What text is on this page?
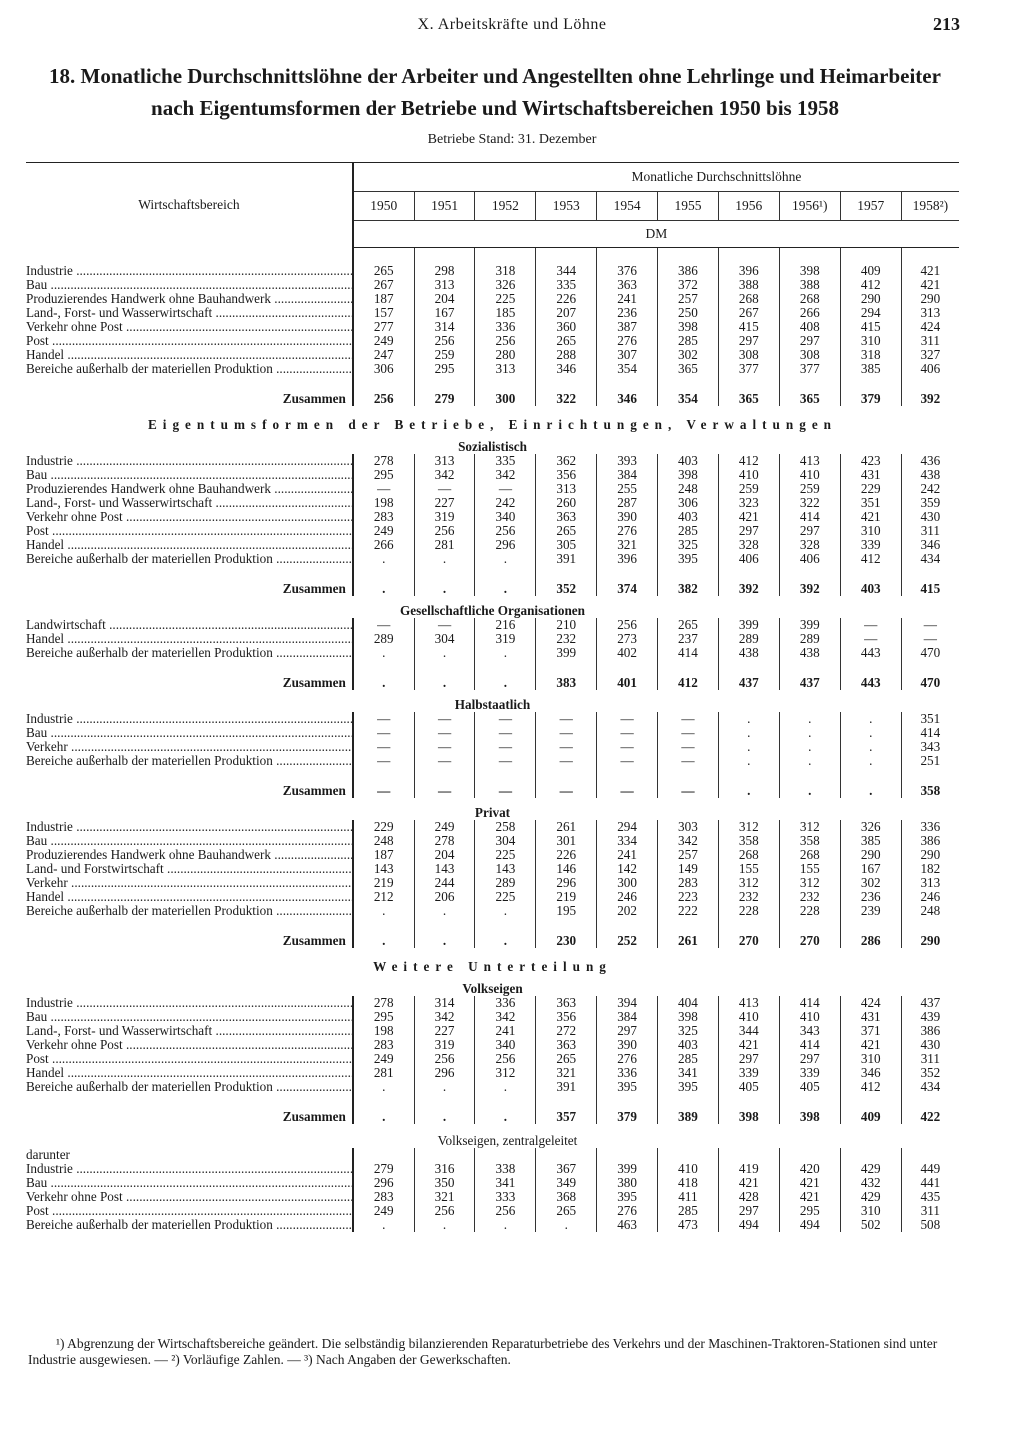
X. Arbeitskräfte und Löhne	213
18. Monatliche Durchschnittslöhne der Arbeiter und Angestellten ohne Lehrlinge und Heimarbeiter nach Eigentumsformen der Betriebe und Wirtschaftsbereichen 1950 bis 1958
Betriebe Stand: 31. Dezember
Wirtschaftsbereich	Monatliche Durchschnittslöhne									
	1950	1951	1952	1953	1954	1955	1956	1956¹)	1957	1958²)
	DM									

Industrie .....	265	298	318	344	376	386	396	398	409	421
Bau .....	267	313	326	335	363	372	388	388	412	421
Produzierendes Handwerk ohne Bauhandwerk .....	187	204	225	226	241	257	268	268	290	290
Land-, Forst- und Wasserwirtschaft .....	157	167	185	207	236	250	267	266	294	313
Verkehr ohne Post .....	277	314	336	360	387	398	415	408	415	424
Post .....	249	256	256	265	276	285	297	297	310	311
Handel .....	247	259	280	288	307	302	308	308	318	327
Bereiche außerhalb der materiellen Produktion .....	306	295	313	346	354	365	377	377	385	406
Zusammen	256	279	300	322	346	354	365	365	379	392
Eigentumsformen der Betriebe, Einrichtungen, Verwaltungen										
Sozialistisch										
Industrie .....	278	313	335	362	393	403	412	413	423	436
Bau .....	295	342	342	356	384	398	410	410	431	438
Produzierendes Handwerk ohne Bauhandwerk .....	—	—	—	313	255	248	259	259	229	242
Land-, Forst- und Wasserwirtschaft .....	198	227	242	260	287	306	323	322	351	359
Verkehr ohne Post .....	283	319	340	363	390	403	421	414	421	430
Post .....	249	256	256	265	276	285	297	297	310	311
Handel .....	266	281	296	305	321	325	328	328	339	346
Bereiche außerhalb der materiellen Produktion .....	.	.	.	391	396	395	406	406	412	434
Zusammen	.	.	.	352	374	382	392	392	403	415
Gesellschaftliche Organisationen										
Landwirtschaft .....	—	—	216	210	256	265	399	399	—	—
Handel .....	289	304	319	232	273	237	289	289	—	—
Bereiche außerhalb der materiellen Produktion .....	.	.	.	399	402	414	438	438	443	470
Zusammen	.	.	.	383	401	412	437	437	443	470
Halbstaatlich										
Industrie .....	—	—	—	—	—	—	.	.	.	351
Bau .....	—	—	—	—	—	—	.	.	.	414
Verkehr .....	—	—	—	—	—	—	.	.	.	343
Bereiche außerhalb der materiellen Produktion .....	—	—	—	—	—	—	.	.	.	251
Zusammen	—	—	—	—	—	—	.	.	.	358
Privat										
Industrie .....	229	249	258	261	294	303	312	312	326	336
Bau .....	248	278	304	301	334	342	358	358	385	386
Produzierendes Handwerk ohne Bauhandwerk .....	187	204	225	226	241	257	268	268	290	290
Land- und Forstwirtschaft .....	143	143	143	146	142	149	155	155	167	182
Verkehr .....	219	244	289	296	300	283	312	312	302	313
Handel .....	212	206	225	219	246	223	232	232	236	246
Bereiche außerhalb der materiellen Produktion .....	.	.	.	195	202	222	228	228	239	248
Zusammen	.	.	.	230	252	261	270	270	286	290
Weitere Unterteilung										
Volkseigen										
Industrie .....	278	314	336	363	394	404	413	414	424	437
Bau .....	295	342	342	356	384	398	410	410	431	439
Land-, Forst- und Wasserwirtschaft .....	198	227	241	272	297	325	344	343	371	386
Verkehr ohne Post .....	283	319	340	363	390	403	421	414	421	430
Post .....	249	256	256	265	276	285	297	297	310	311
Handel .....	281	296	312	321	336	341	339	339	346	352
Bereiche außerhalb der materiellen Produktion .....	.	.	.	391	395	395	405	405	412	434
Zusammen	.	.	.	357	379	389	398	398	409	422
Volkseigen, zentralgeleitet										
darunter										
Industrie .....	279	316	338	367	399	410	419	420	429	449
Bau .....	296	350	341	349	380	418	421	421	432	441
Verkehr ohne Post .....	283	321	333	368	395	411	428	421	429	435
Post .....	249	256	256	265	276	285	297	295	310	311
Bereiche außerhalb der materiellen Produktion .....	.	.	.	.	463	473	494	494	502	508
¹) Abgrenzung der Wirtschaftsbereiche geändert. Die selbständig bilanzierenden Reparaturbetriebe des Verkehrs und der Maschinen-Traktoren-Stationen sind unter Industrie ausgewiesen. — ²) Vorläufige Zahlen. — ³) Nach Angaben der Gewerkschaften.
